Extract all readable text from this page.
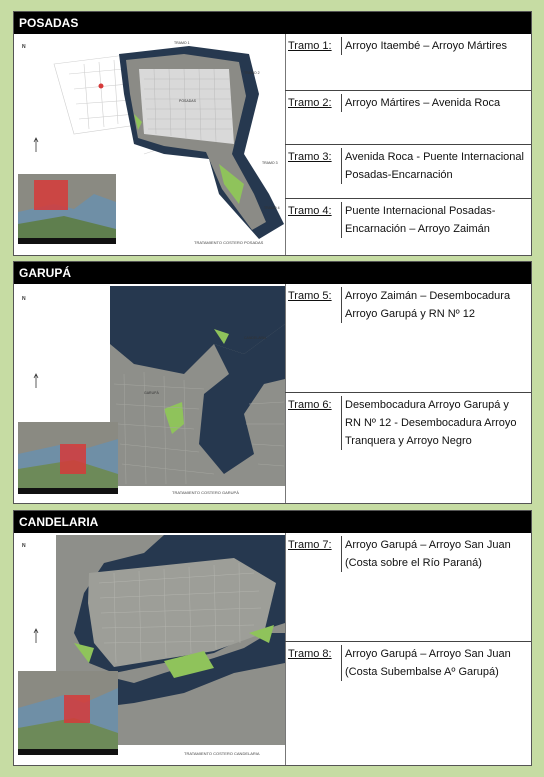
POSADAS
TRAMO 1
TRAMO 2
TRAMO 3
TRAMO 4
POSADAS
TRATAMIENTO COSTERO POSADAS
N	Tramo 1:	Arroyo Itaembé – Arroyo Mártires
Tramo 2:	Arroyo Mártires – Avenida Roca
Tramo 3:	Avenida Roca - Puente Internacional Posadas-Encarnación
Tramo 4:	Puente Internacional Posadas-Encarnación – Arroyo Zaimán
GARUPÁ
CANDELARIA
GARUPÁ
TRATAMIENTO COSTERO GARUPÁ
N	Tramo 5:	Arroyo Zaimán – Desembocadura Arroyo Garupá y RN Nº 12
Tramo 6:	Desembocadura Arroyo Garupá y RN Nº 12 - Desembocadura Arroyo Tranquera y Arroyo Negro
CANDELARIA
TRATAMIENTO COSTERO CANDELARIA
N	Tramo 7:	Arroyo Garupá – Arroyo San Juan (Costa sobre el Río Paraná)
Tramo 8:	Arroyo Garupá – Arroyo San Juan (Costa Subembalse Aº Garupá)
